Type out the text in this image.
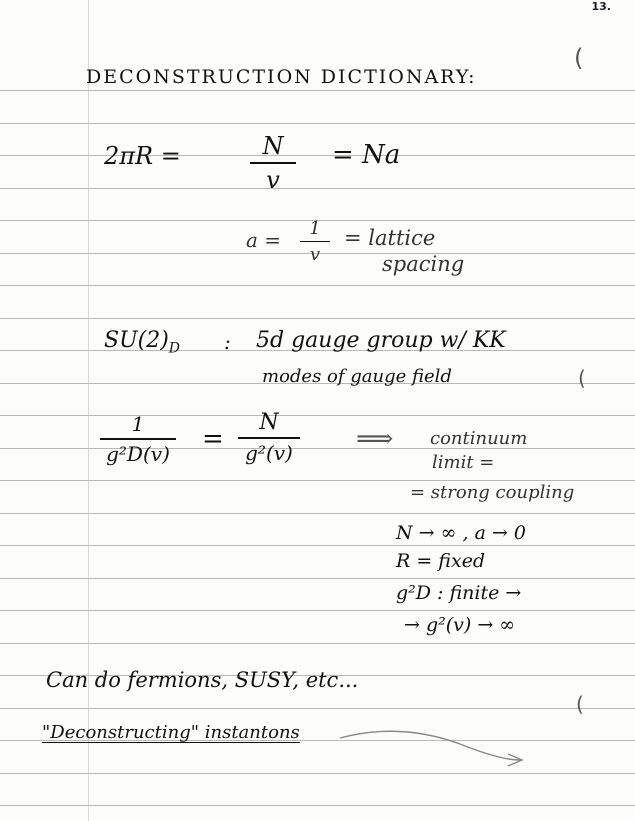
13.
(
(
(
DECONSTRUCTION DICTIONARY:
2πR =	N
v
= Na
a =	1
v
= lattice
spacing
$SU(2)_D$ : 5d gauge group w/ KK
modes of gauge field
1
g²D(v) =
N
g²(v) ⟹ continuum
limit =
= strong coupling
N → ∞ , a → 0
R = fixed
g²D : finite →
→ g²(v) → ∞
Can do fermions, SUSY, etc...
"Deconstructing" instantons
